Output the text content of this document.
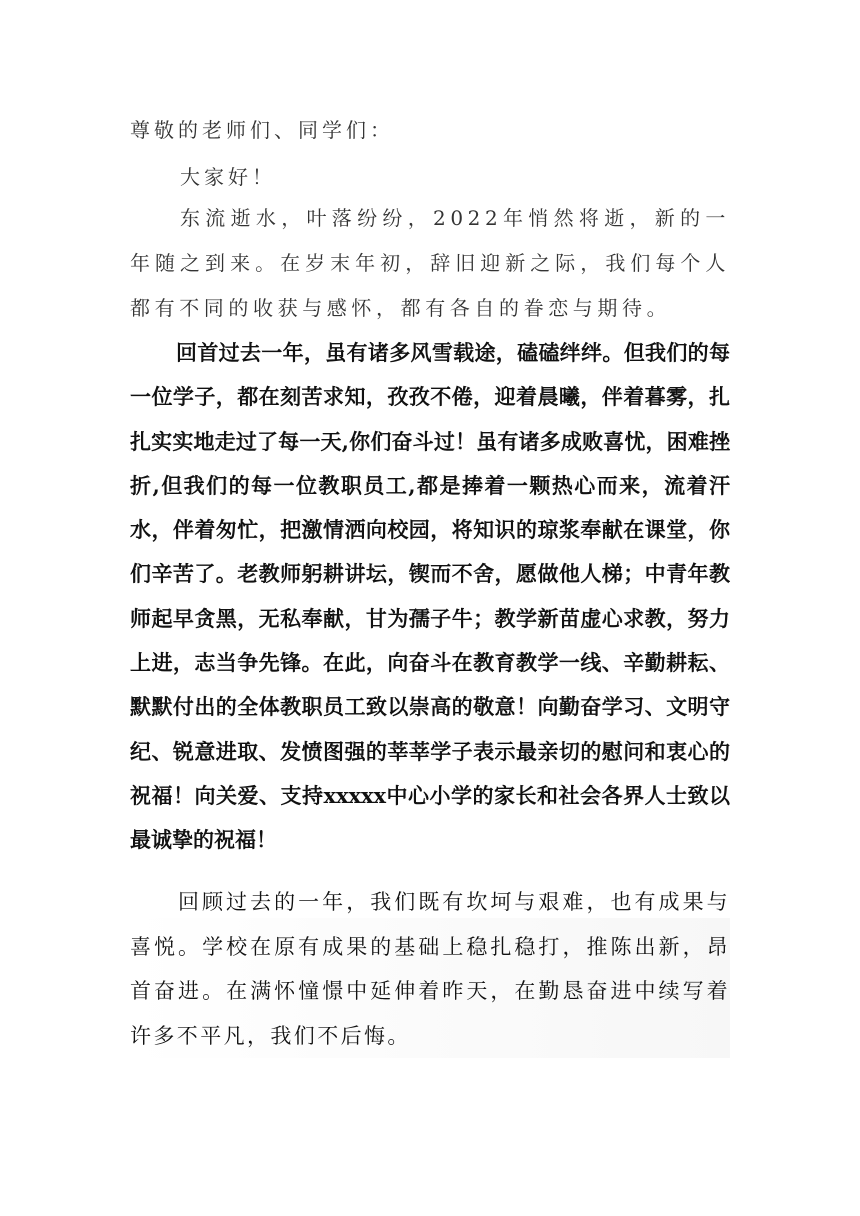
尊敬的老师们、同学们：

大家好！

东流逝水，叶落纷纷，2022年悄然将逝，新的一年随之到来。在岁末年初，辞旧迎新之际，我们每个人都有不同的收获与感怀，都有各自的眷恋与期待。

回首过去一年，虽有诸多风雪载途，磕磕绊绊。但我们的每一位学子，都在刻苦求知，孜孜不倦，迎着晨曦，伴着暮雾，扎扎实实地走过了每一天,你们奋斗过！虽有诸多成败喜忧，困难挫折,但我们的每一位教职员工,都是捧着一颗热心而来，流着汗水，伴着匆忙，把激情洒向校园，将知识的琼浆奉献在课堂，你们辛苦了。老教师躬耕讲坛，锲而不舍，愿做他人梯；中青年教师起早贪黑，无私奉献，甘为孺子牛；教学新苗虚心求教，努力上进，志当争先锋。在此，向奋斗在教育教学一线、辛勤耕耘、默默付出的全体教职员工致以崇高的敬意！向勤奋学习、文明守纪、锐意进取、发愤图强的莘莘学子表示最亲切的慰问和衷心的祝福！向关爱、支持xxxxx中心小学的家长和社会各界人士致以最诚挚的祝福！

回顾过去的一年，我们既有坎坷与艰难，也有成果与喜悦。学校在原有成果的基础上稳扎稳打，推陈出新，昂首奋进。在满怀憧憬中延伸着昨天，在勤恳奋进中续写着许多不平凡，我们不后悔。
